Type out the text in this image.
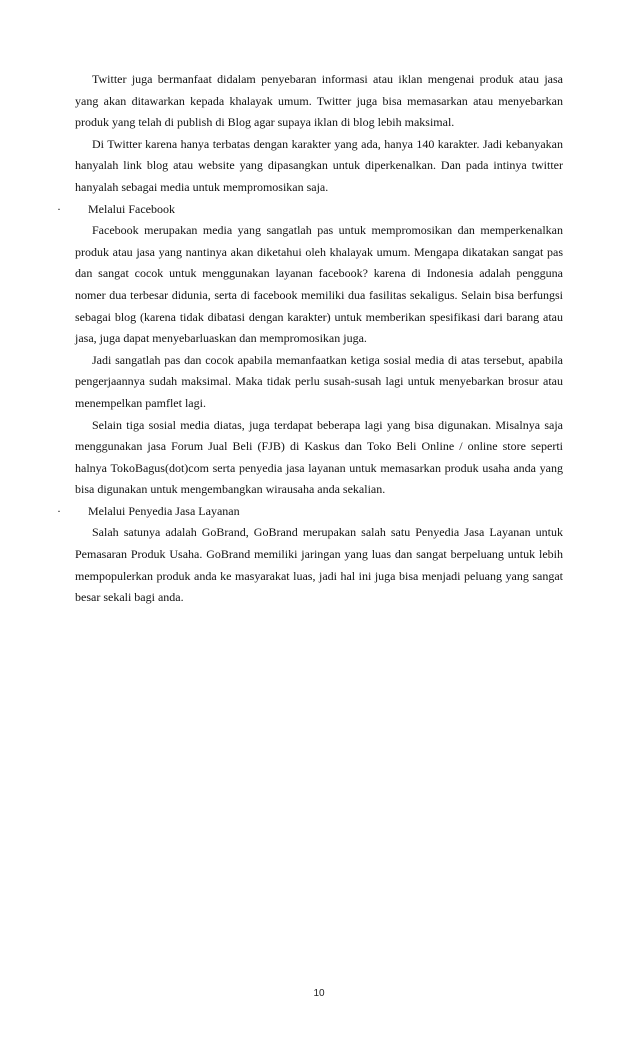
Twitter juga bermanfaat didalam penyebaran informasi atau iklan mengenai produk atau jasa yang akan ditawarkan kepada khalayak umum. Twitter juga bisa memasarkan atau menyebarkan produk yang telah di publish di Blog agar supaya iklan di blog lebih maksimal.

Di Twitter karena hanya terbatas dengan karakter yang ada, hanya 140 karakter. Jadi kebanyakan hanyalah link blog atau website yang dipasangkan untuk diperkenalkan. Dan pada intinya twitter hanyalah sebagai media untuk mempromosikan saja.

· Melalui Facebook

Facebook merupakan media yang sangatlah pas untuk mempromosikan dan memperkenalkan produk atau jasa yang nantinya akan diketahui oleh khalayak umum. Mengapa dikatakan sangat pas dan sangat cocok untuk menggunakan layanan facebook? karena di Indonesia adalah pengguna nomer dua terbesar didunia, serta di facebook memiliki dua fasilitas sekaligus. Selain bisa berfungsi sebagai blog (karena tidak dibatasi dengan karakter) untuk memberikan spesifikasi dari barang atau jasa, juga dapat menyebarluaskan dan mempromosikan juga.

Jadi sangatlah pas dan cocok apabila memanfaatkan ketiga sosial media di atas tersebut, apabila pengerjaannya sudah maksimal. Maka tidak perlu susah-susah lagi untuk menyebarkan brosur atau menempelkan pamflet lagi.

Selain tiga sosial media diatas, juga terdapat beberapa lagi yang bisa digunakan. Misalnya saja menggunakan jasa Forum Jual Beli (FJB) di Kaskus dan Toko Beli Online / online store seperti halnya TokoBagus(dot)com serta penyedia jasa layanan untuk memasarkan produk usaha anda yang bisa digunakan untuk mengembangkan wirausaha anda sekalian.

· Melalui Penyedia Jasa Layanan

Salah satunya adalah GoBrand, GoBrand merupakan salah satu Penyedia Jasa Layanan untuk Pemasaran Produk Usaha. GoBrand memiliki jaringan yang luas dan sangat berpeluang untuk lebih mempopulerkan produk anda ke masyarakat luas, jadi hal ini juga bisa menjadi peluang yang sangat besar sekali bagi anda.

10
